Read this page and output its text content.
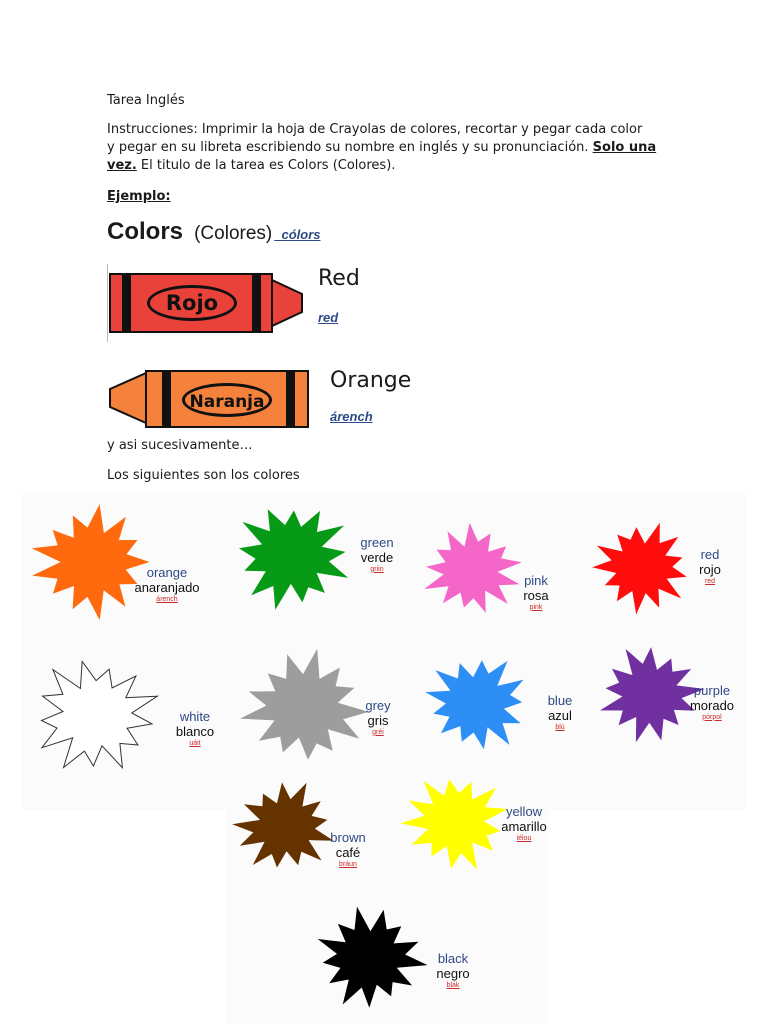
Tarea Inglés
Instrucciones: Imprimir la hoja de Crayolas de colores, recortar y pegar cada color
y pegar en su libreta escribiendo su nombre en inglés y su pronunciación. Solo una
vez. El titulo de la tarea es Colors (Colores).
Ejemplo:
Colors (Colores) cólors
Rojo
Red
red
Naranja
Orange
árench
y asi sucesivamente…
Los siguientes son los colores
orange
anaranjado
árench
green
verde
griin
pink
rosa
pink
red
rojo
red
white
blanco
uáit
grey
gris
gréi
blue
azul
blú
purple
morado
pórpol
brown
café
bráun
yellow
amarillo
iélou
black
negro
blák
